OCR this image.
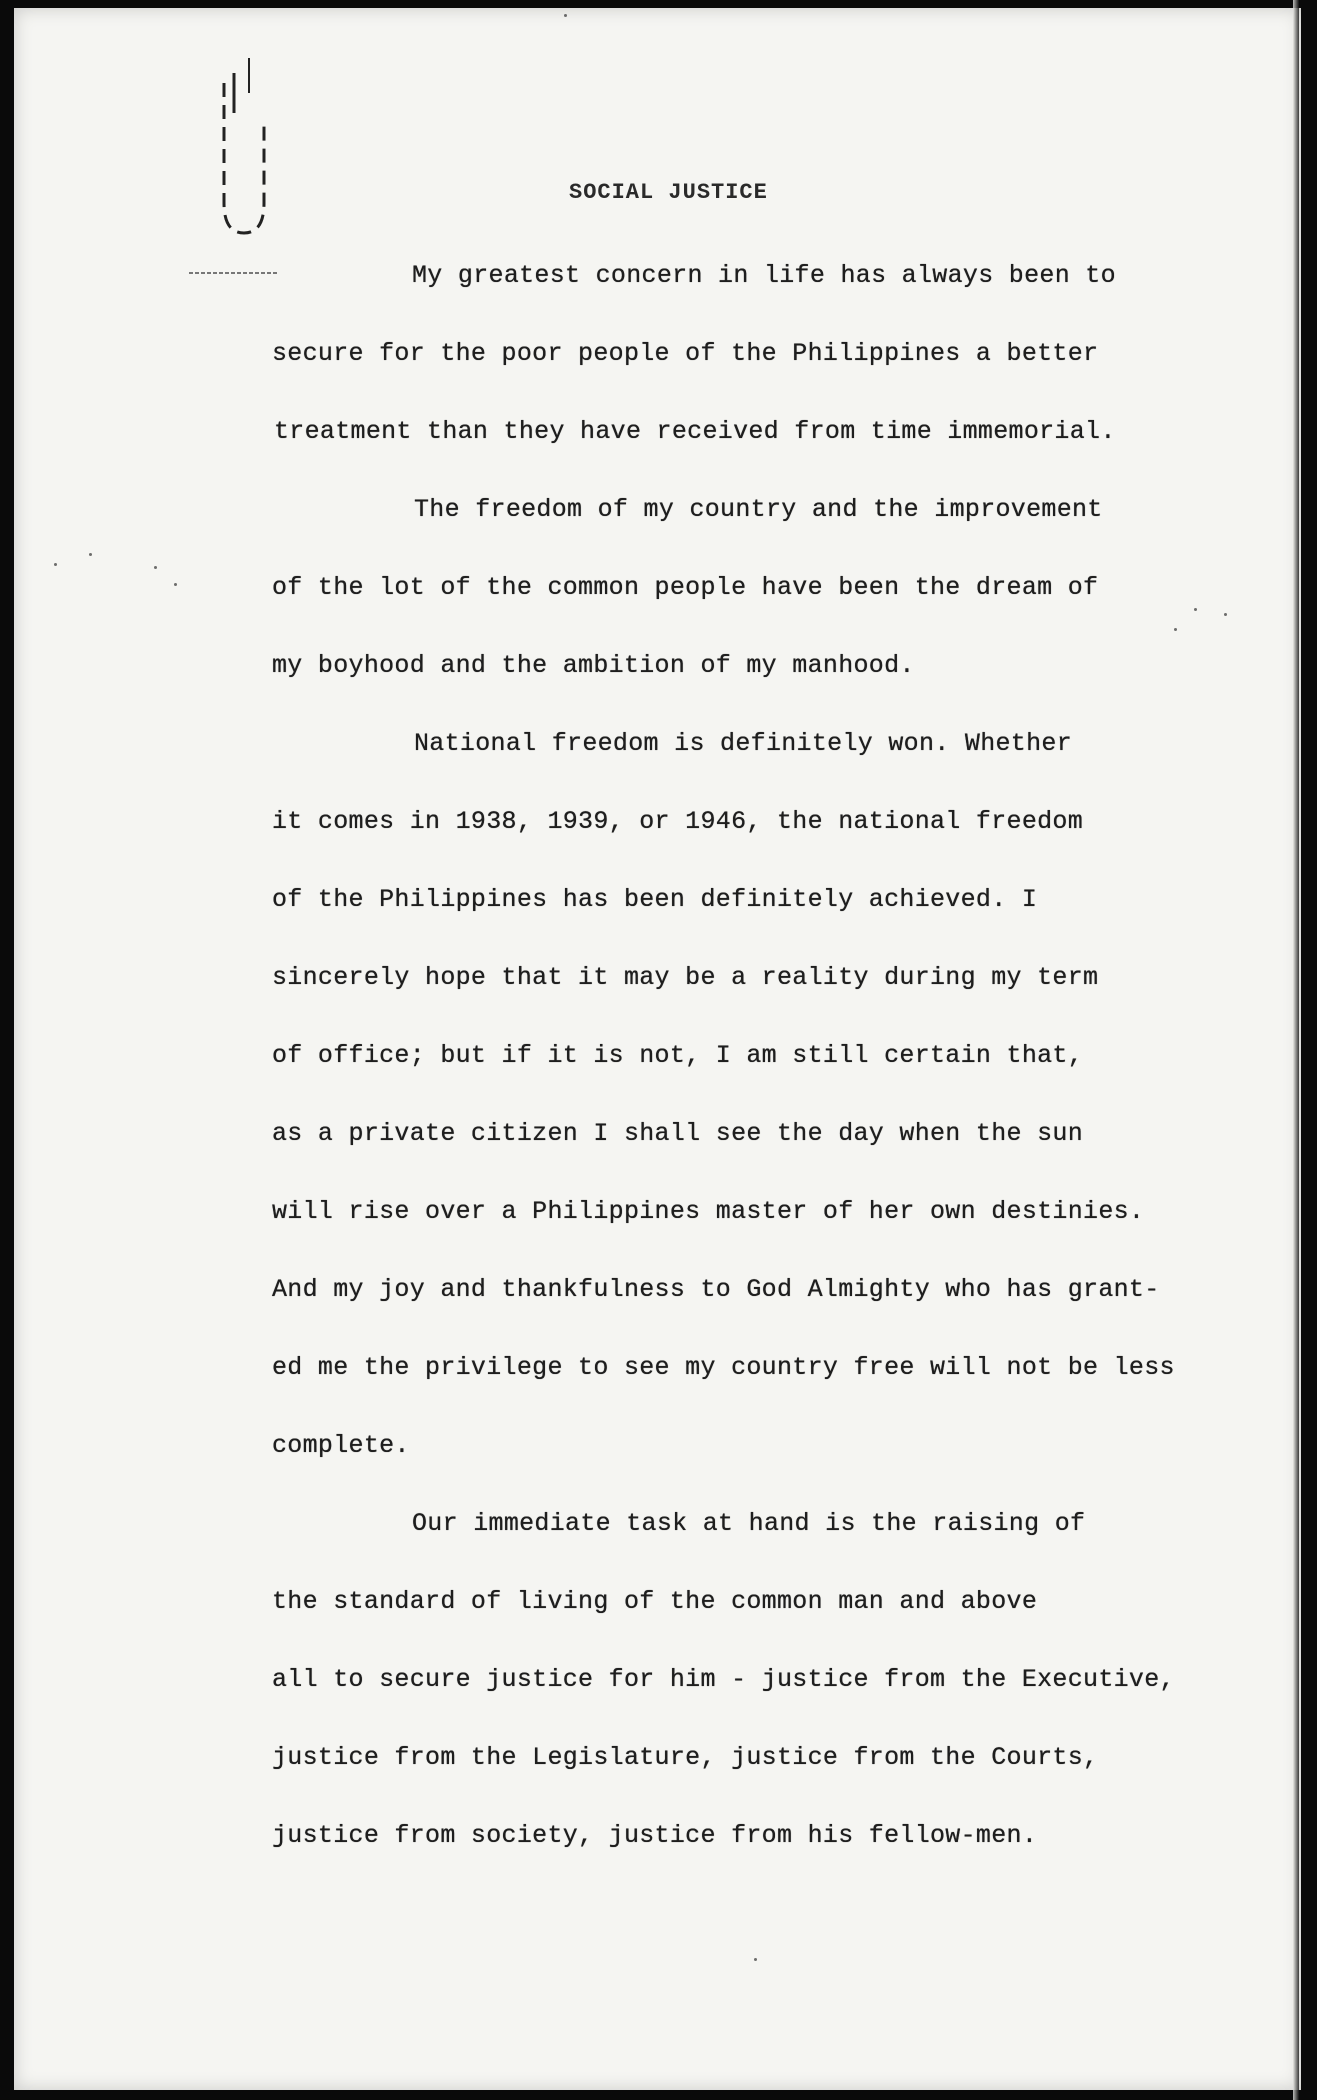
SOCIAL JUSTICE
My greatest concern in life has always been to
secure for the poor people of the Philippines a better
treatment than they have received from time immemorial.
The freedom of my country and the improvement
of the lot of the common people have been the dream of
my boyhood and the ambition of my manhood.
National freedom is definitely won. Whether
it comes in 1938, 1939, or 1946, the national freedom
of the Philippines has been definitely achieved. I
sincerely hope that it may be a reality during my term
of office; but if it is not, I am still certain that,
as a private citizen I shall see the day when the sun
will rise over a Philippines master of her own destinies.
And my joy and thankfulness to God Almighty who has grant-
ed me the privilege to see my country free will not be less
complete.
Our immediate task at hand is the raising of
the standard of living of the common man and above
all to secure justice for him - justice from the Executive,
justice from the Legislature, justice from the Courts,
justice from society, justice from his fellow-men.
